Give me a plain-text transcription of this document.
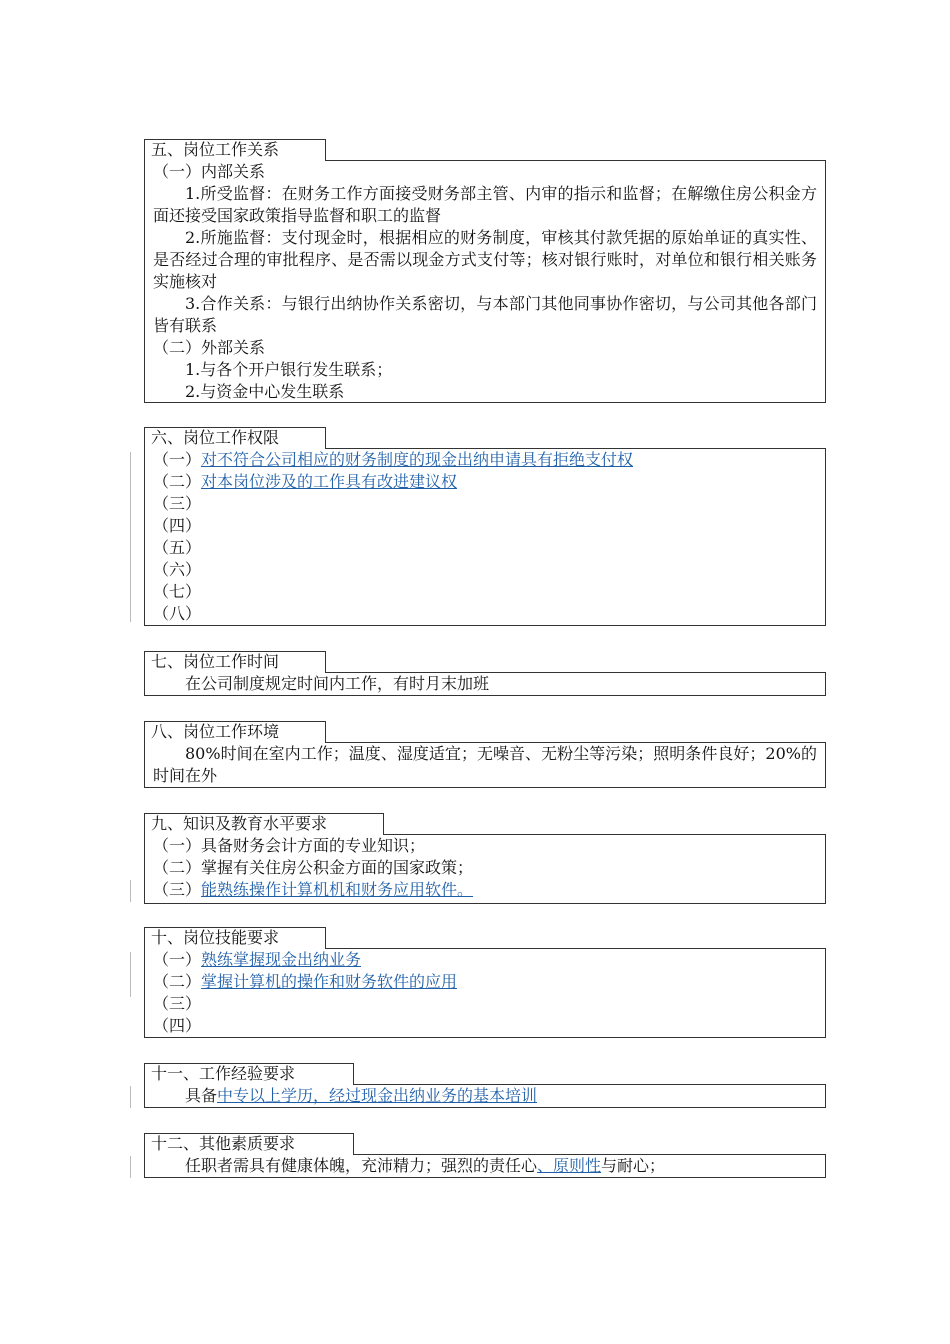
五、岗位工作关系

（一）内部关系

1.所受监督：在财务工作方面接受财务部主管、内审的指示和监督；在解缴住房公积金方面还接受国家政策指导监督和职工的监督

2.所施监督：支付现金时，根据相应的财务制度，审核其付款凭据的原始单证的真实性、是否经过合理的审批程序、是否需以现金方式支付等；核对银行账时，对单位和银行相关账务实施核对

3.合作关系：与银行出纳协作关系密切，与本部门其他同事协作密切，与公司其他各部门皆有联系

（二）外部关系

1.与各个开户银行发生联系；

2.与资金中心发生联系

六、岗位工作权限

（一）对不符合公司相应的财务制度的现金出纳申请具有拒绝支付权

（二）对本岗位涉及的工作具有改进建议权

（三）

（四）

（五）

（六）

（七）

（八）

七、岗位工作时间

在公司制度规定时间内工作，有时月末加班

八、岗位工作环境

80%时间在室内工作；温度、湿度适宜；无噪音、无粉尘等污染；照明条件良好；20%的时间在外

九、知识及教育水平要求

（一）具备财务会计方面的专业知识；

（二）掌握有关住房公积金方面的国家政策；

（三）能熟练操作计算机机和财务应用软件。

十、岗位技能要求

（一）熟练掌握现金出纳业务

（二）掌握计算机的操作和财务软件的应用

（三）

（四）

十一、工作经验要求

具备中专以上学历，经过现金出纳业务的基本培训

十二、其他素质要求

任职者需具有健康体魄，充沛精力；强烈的责任心、原则性与耐心；
